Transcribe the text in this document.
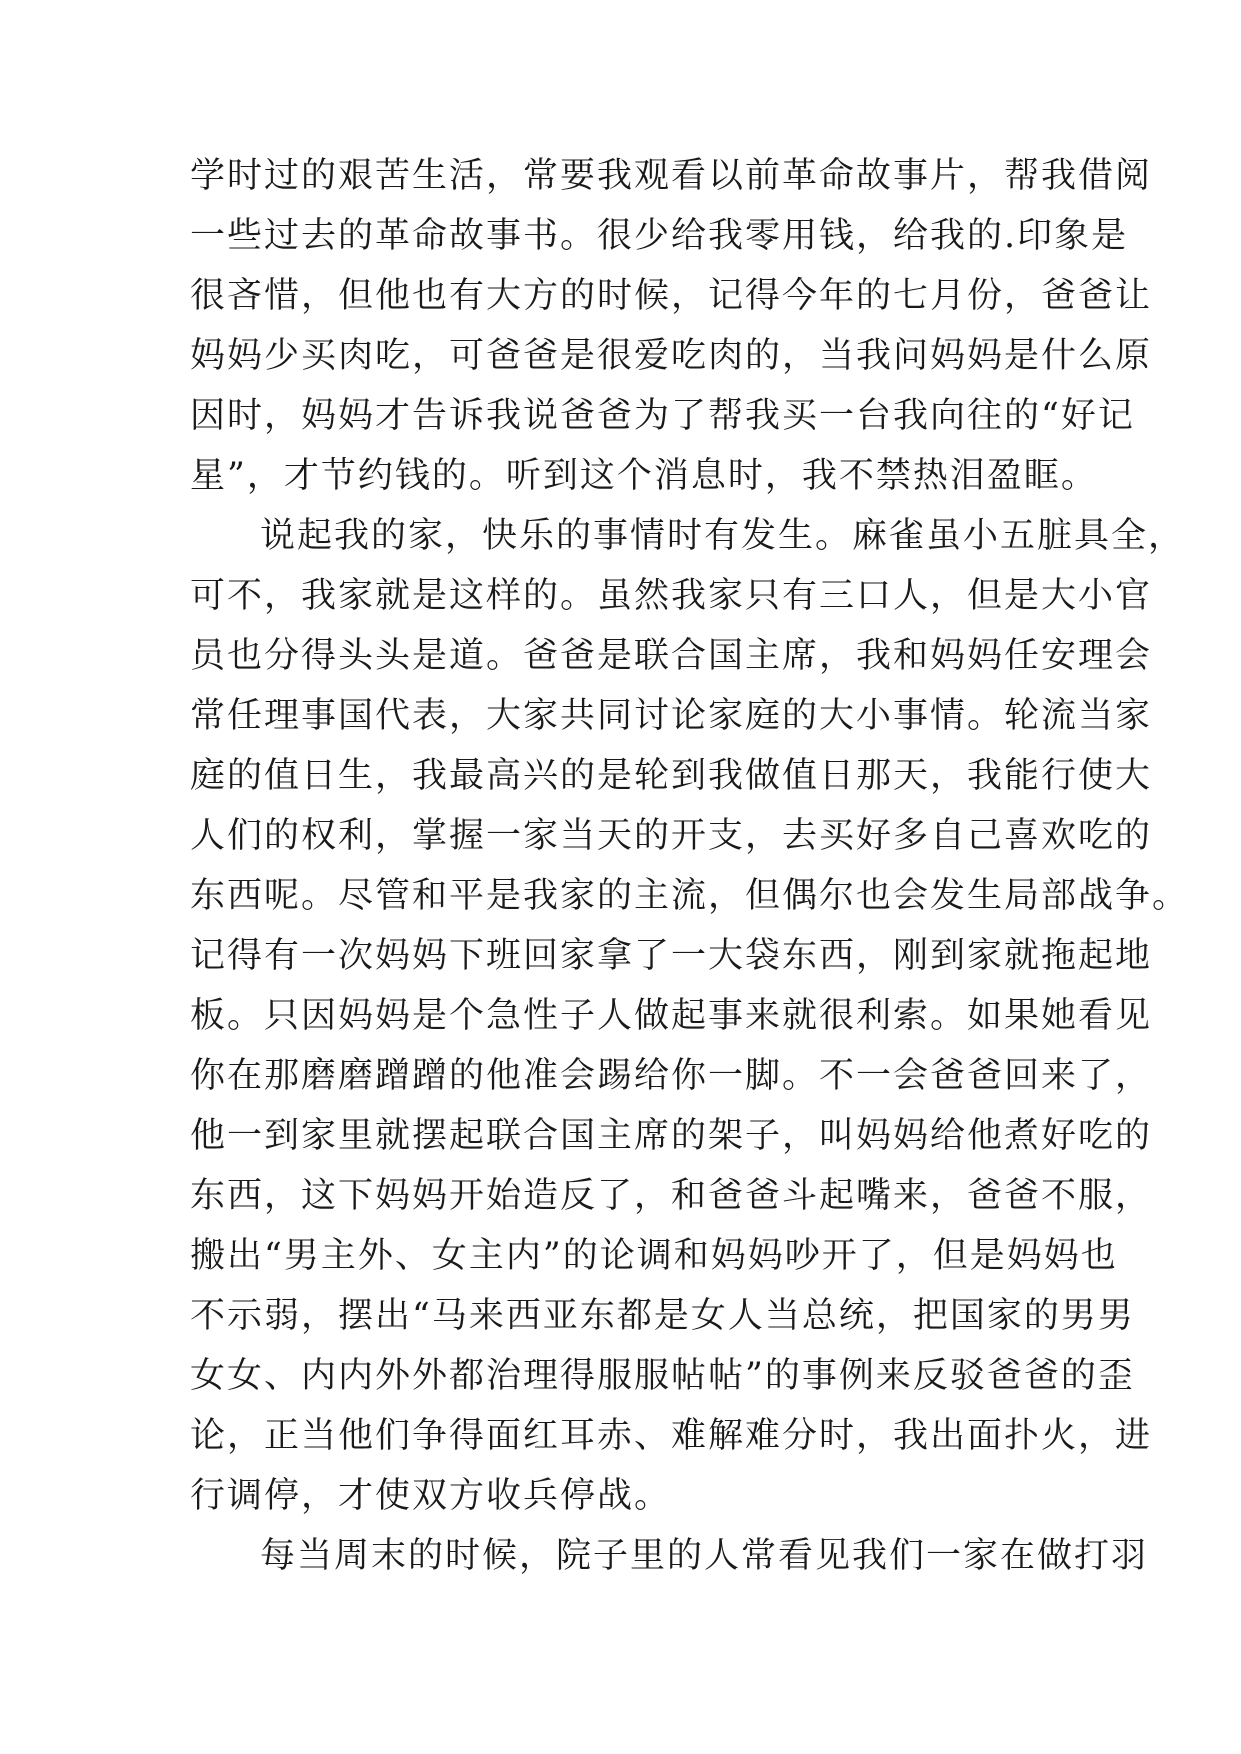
学时过的艰苦生活，常要我观看以前革命故事片，帮我借阅
一些过去的革命故事书。很少给我零用钱，给我的.印象是
很吝惜，但他也有大方的时候，记得今年的七月份，爸爸让
妈妈少买肉吃，可爸爸是很爱吃肉的，当我问妈妈是什么原
因时，妈妈才告诉我说爸爸为了帮我买一台我向往的“好记
星”，才节约钱的。听到这个消息时，我不禁热泪盈眶。
说起我的家，快乐的事情时有发生。麻雀虽小五脏具全，
可不，我家就是这样的。虽然我家只有三口人，但是大小官
员也分得头头是道。爸爸是联合国主席，我和妈妈任安理会
常任理事国代表，大家共同讨论家庭的大小事情。轮流当家
庭的值日生，我最高兴的是轮到我做值日那天，我能行使大
人们的权利，掌握一家当天的开支，去买好多自己喜欢吃的
东西呢。尽管和平是我家的主流，但偶尔也会发生局部战争。
记得有一次妈妈下班回家拿了一大袋东西，刚到家就拖起地
板。只因妈妈是个急性子人做起事来就很利索。如果她看见
你在那磨磨蹭蹭的他准会踢给你一脚。不一会爸爸回来了，
他一到家里就摆起联合国主席的架子，叫妈妈给他煮好吃的
东西，这下妈妈开始造反了，和爸爸斗起嘴来，爸爸不服，
搬出“男主外、女主内”的论调和妈妈吵开了，但是妈妈也
不示弱，摆出“马来西亚东都是女人当总统，把国家的男男
女女、内内外外都治理得服服帖帖”的事例来反驳爸爸的歪
论，正当他们争得面红耳赤、难解难分时，我出面扑火，进
行调停，才使双方收兵停战。
每当周末的时候，院子里的人常看见我们一家在做打羽
